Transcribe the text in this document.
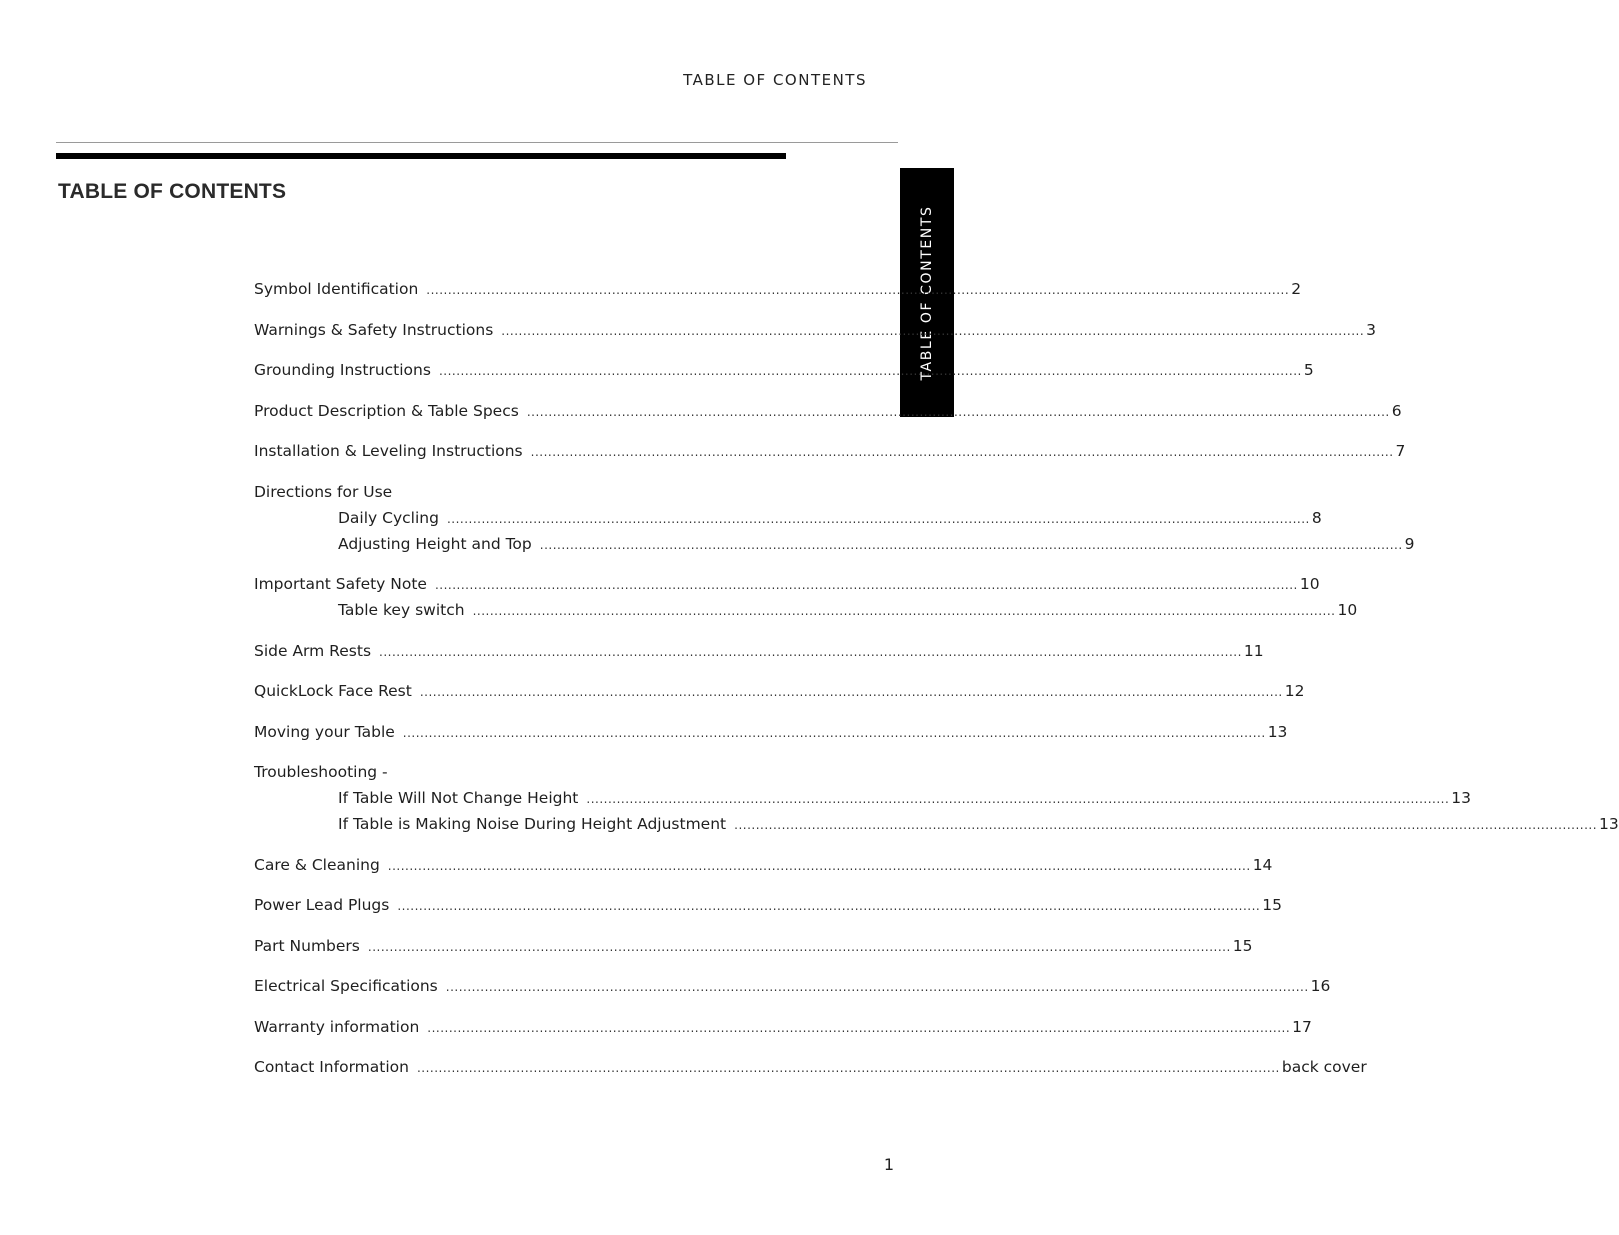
TABLE OF CONTENTS
TABLE OF CONTENTS
TABLE OF CONTENTS
Symbol Identification ........................................................................................................................................................................................................ 2
Warnings & Safety Instructions ........................................................................................................................................................................................................ 3
Grounding Instructions ........................................................................................................................................................................................................ 5
Product Description & Table Specs ........................................................................................................................................................................................................ 6
Installation & Leveling Instructions ........................................................................................................................................................................................................ 7
Directions for Use
Daily Cycling ........................................................................................................................................................................................................ 8
Adjusting Height and Top ........................................................................................................................................................................................................ 9
Important Safety Note ........................................................................................................................................................................................................ 10
Table key switch ........................................................................................................................................................................................................ 10
Side Arm Rests ........................................................................................................................................................................................................ 11
QuickLock Face Rest ........................................................................................................................................................................................................ 12
Moving your Table ........................................................................................................................................................................................................ 13
Troubleshooting -
If Table Will Not Change Height ........................................................................................................................................................................................................ 13
If Table is Making Noise During Height Adjustment ........................................................................................................................................................................................................ 13
Care & Cleaning ........................................................................................................................................................................................................ 14
Power Lead Plugs ........................................................................................................................................................................................................ 15
Part Numbers ........................................................................................................................................................................................................ 15
Electrical Specifications ........................................................................................................................................................................................................ 16
Warranty information ........................................................................................................................................................................................................ 17
Contact Information ........................................................................................................................................................................................................ back cover
1
